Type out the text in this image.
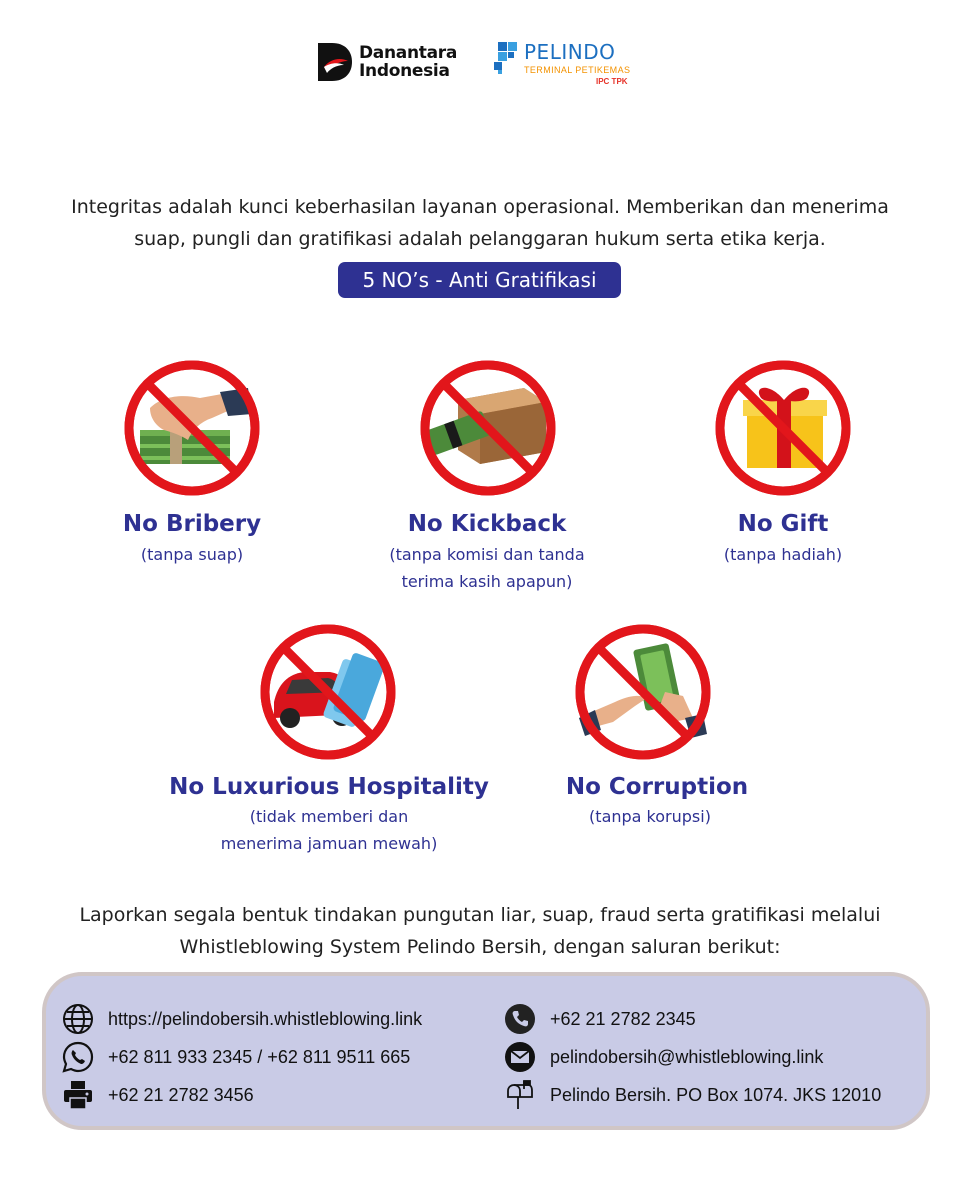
Danantara
Indonesia
PELINDO
TERMINAL PETIKEMAS
IPC TPK
Integritas adalah kunci keberhasilan layanan operasional. Memberikan dan menerima
suap, pungli dan gratifikasi adalah pelanggaran hukum serta etika kerja.
5 NO’s - Anti Gratifikasi
No Bribery
(tanpa suap)
No Kickback
(tanpa komisi dan tanda
terima kasih apapun)
No Gift
(tanpa hadiah)
No Luxurious Hospitality
(tidak memberi dan
menerima jamuan mewah)
No Corruption
(tanpa korupsi)
Laporkan segala bentuk tindakan pungutan liar, suap, fraud serta gratifikasi melalui
Whistleblowing System Pelindo Bersih, dengan saluran berikut:
https://pelindobersih.whistleblowing.link
+62 811 933 2345 / +62 811 9511 665
+62 21 2782 3456
+62 21 2782 2345
pelindobersih@whistleblowing.link
Pelindo Bersih. PO Box 1074. JKS 12010
